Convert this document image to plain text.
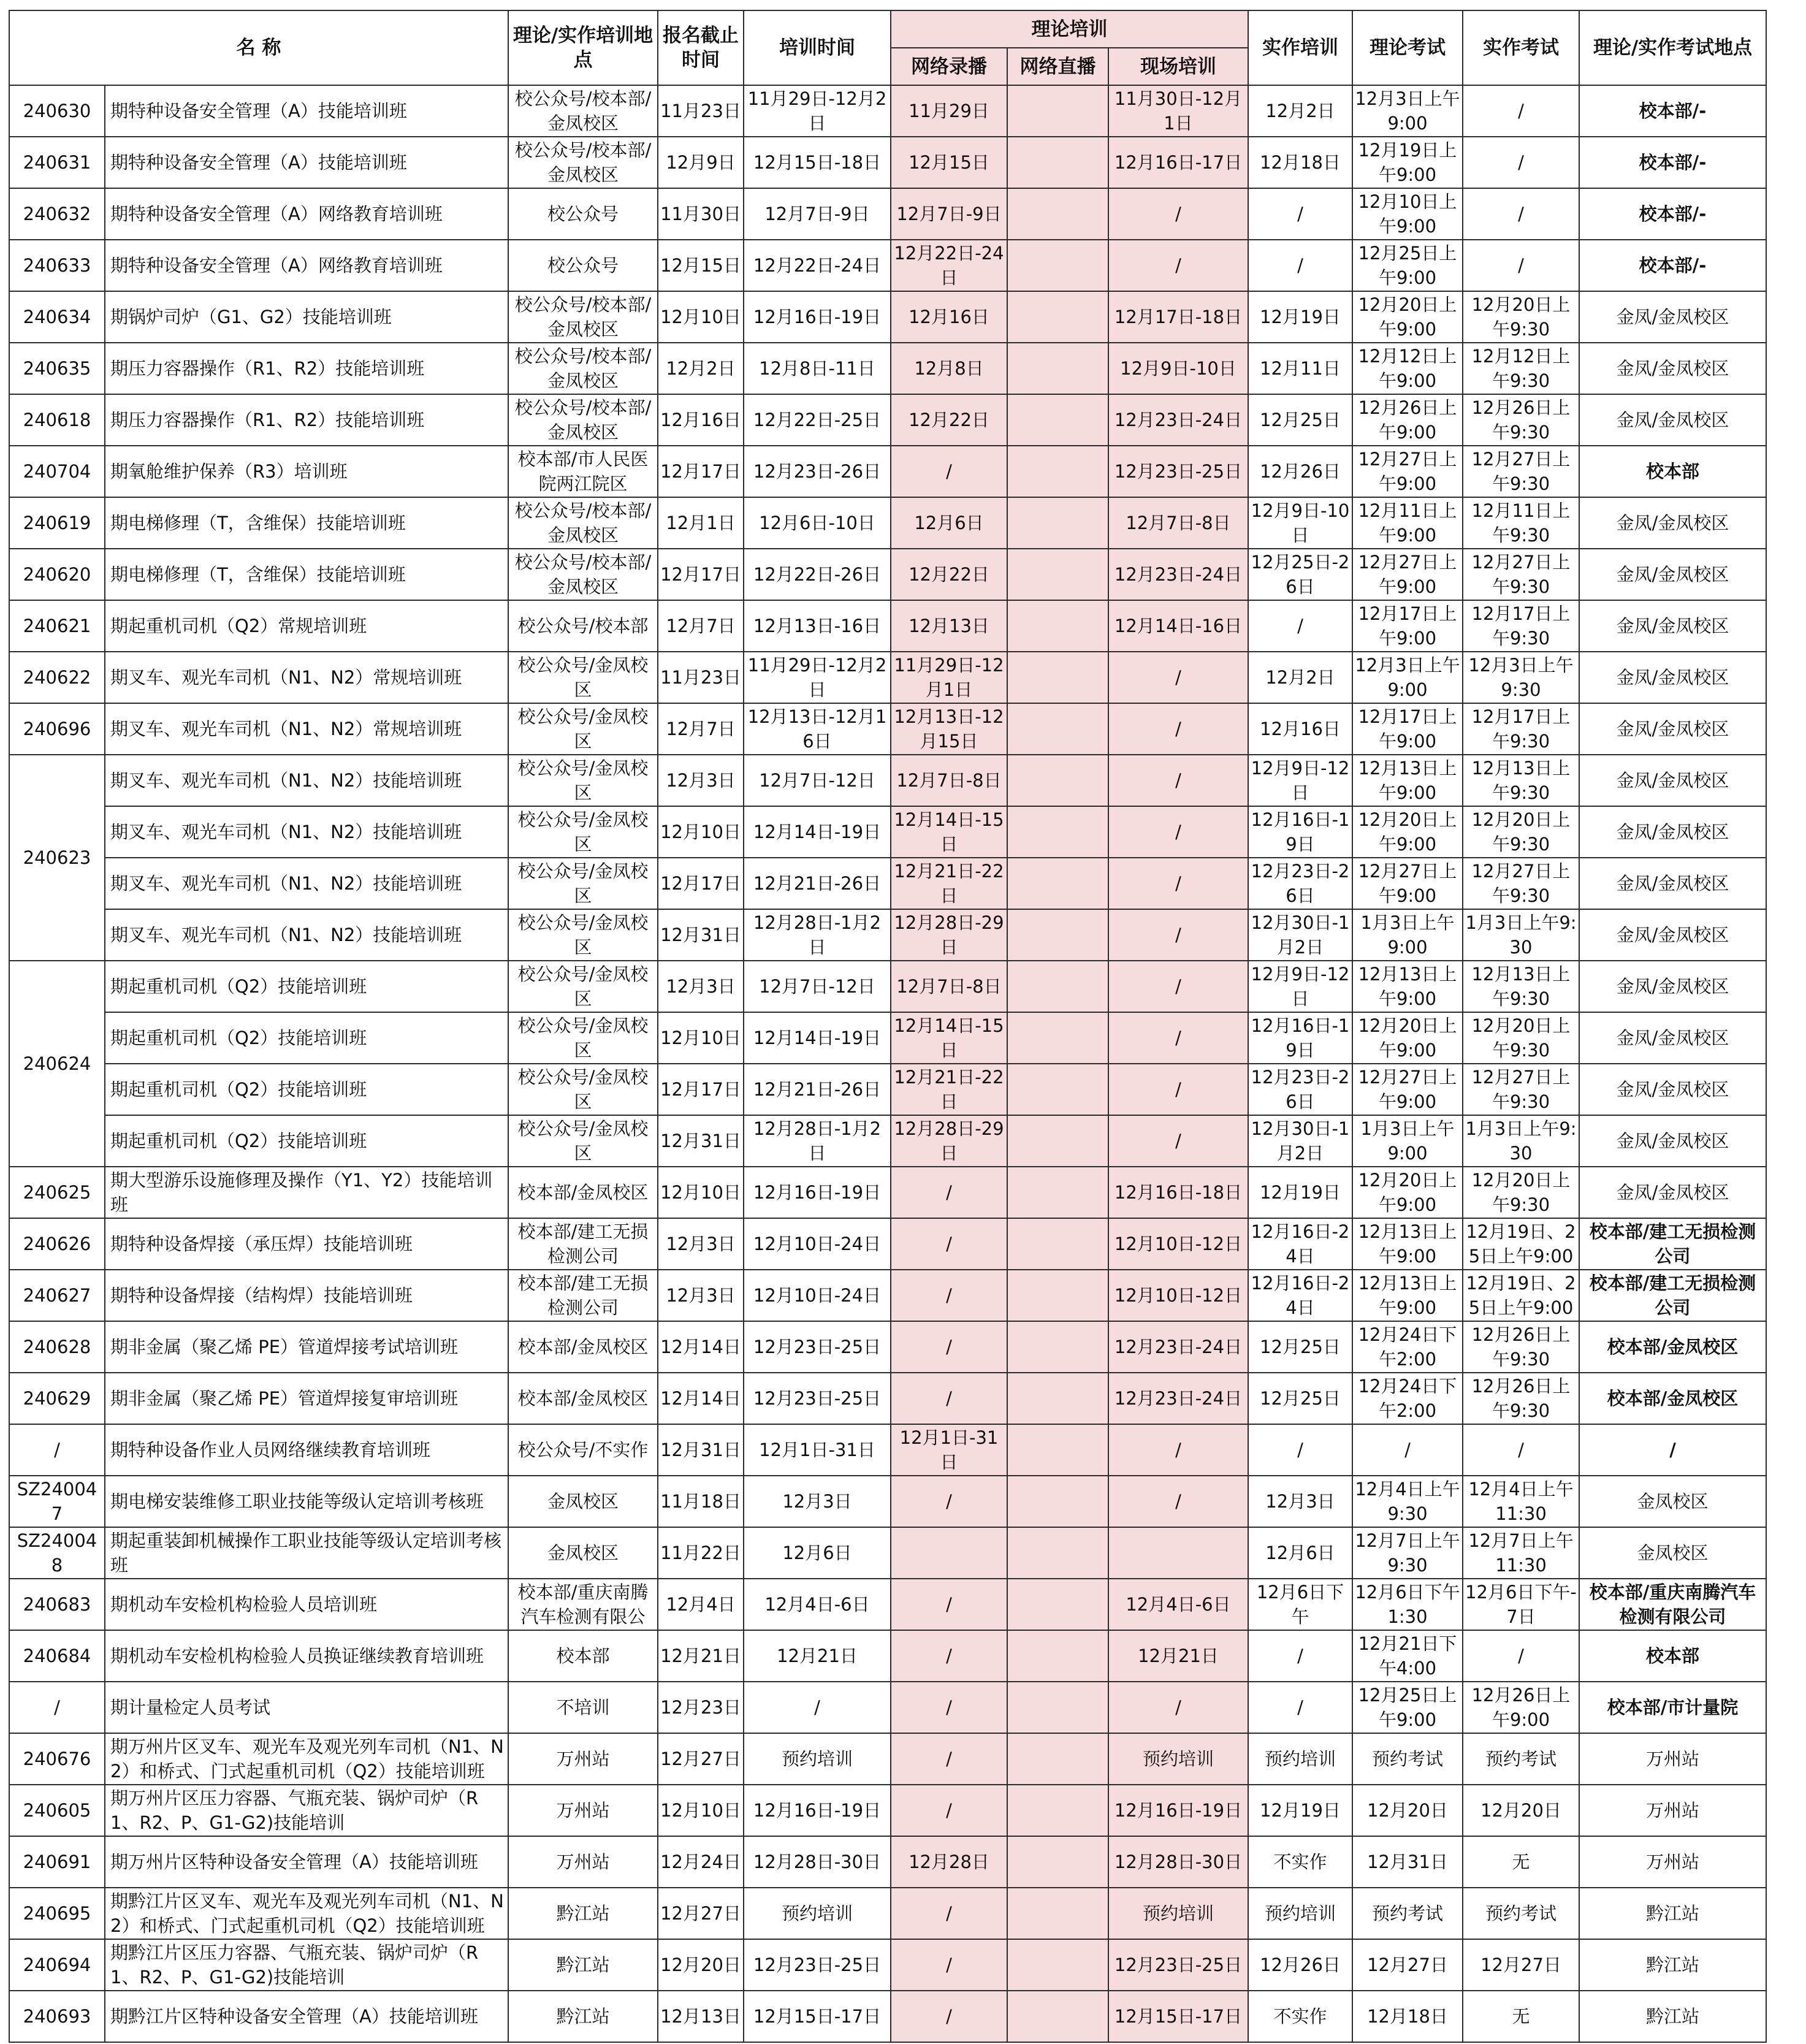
名 称		理论/实作培训地点	报名截止时间	培训时间	理论培训			实作培训	理论考试	实作考试	理论/实作考试地点
					网络录播	网络直播	现场培训				
240630	期特种设备安全管理（A）技能培训班	校公众号/校本部/金凤校区	11月23日	11月29日-12月2日	11月29日		11月30日-12月1日	12月2日	12月3日上午9:00	/	校本部/-
240631	期特种设备安全管理（A）技能培训班	校公众号/校本部/金凤校区	12月9日	12月15日-18日	12月15日		12月16日-17日	12月18日	12月19日上午9:00	/	校本部/-
240632	期特种设备安全管理（A）网络教育培训班	校公众号	11月30日	12月7日-9日	12月7日-9日		/	/	12月10日上午9:00	/	校本部/-
240633	期特种设备安全管理（A）网络教育培训班	校公众号	12月15日	12月22日-24日	12月22日-24日		/	/	12月25日上午9:00	/	校本部/-
240634	期锅炉司炉（G1、G2）技能培训班	校公众号/校本部/金凤校区	12月10日	12月16日-19日	12月16日		12月17日-18日	12月19日	12月20日上午9:00	12月20日上午9:30	金凤/金凤校区
240635	期压力容器操作（R1、R2）技能培训班	校公众号/校本部/金凤校区	12月2日	12月8日-11日	12月8日		12月9日-10日	12月11日	12月12日上午9:00	12月12日上午9:30	金凤/金凤校区
240618	期压力容器操作（R1、R2）技能培训班	校公众号/校本部/金凤校区	12月16日	12月22日-25日	12月22日		12月23日-24日	12月25日	12月26日上午9:00	12月26日上午9:30	金凤/金凤校区
240704	期氧舱维护保养（R3）培训班	校本部/市人民医院两江院区	12月17日	12月23日-26日	/		12月23日-25日	12月26日	12月27日上午9:00	12月27日上午9:30	校本部
240619	期电梯修理（T，含维保）技能培训班	校公众号/校本部/金凤校区	12月1日	12月6日-10日	12月6日		12月7日-8日	12月9日-10日	12月11日上午9:00	12月11日上午9:30	金凤/金凤校区
240620	期电梯修理（T，含维保）技能培训班	校公众号/校本部/金凤校区	12月17日	12月22日-26日	12月22日		12月23日-24日	12月25日-26日	12月27日上午9:00	12月27日上午9:30	金凤/金凤校区
240621	期起重机司机（Q2）常规培训班	校公众号/校本部	12月7日	12月13日-16日	12月13日		12月14日-16日	/	12月17日上午9:00	12月17日上午9:30	金凤/金凤校区
240622	期叉车、观光车司机（N1、N2）常规培训班	校公众号/金凤校区	11月23日	11月29日-12月2日	11月29日-12月1日		/	12月2日	12月3日上午9:00	12月3日上午9:30	金凤/金凤校区
240696	期叉车、观光车司机（N1、N2）常规培训班	校公众号/金凤校区	12月7日	12月13日-12月16日	12月13日-12月15日		/	12月16日	12月17日上午9:00	12月17日上午9:30	金凤/金凤校区
240623	期叉车、观光车司机（N1、N2）技能培训班	校公众号/金凤校区	12月3日	12月7日-12日	12月7日-8日		/	12月9日-12日	12月13日上午9:00	12月13日上午9:30	金凤/金凤校区
	期叉车、观光车司机（N1、N2）技能培训班	校公众号/金凤校区	12月10日	12月14日-19日	12月14日-15日		/	12月16日-19日	12月20日上午9:00	12月20日上午9:30	金凤/金凤校区
	期叉车、观光车司机（N1、N2）技能培训班	校公众号/金凤校区	12月17日	12月21日-26日	12月21日-22日		/	12月23日-26日	12月27日上午9:00	12月27日上午9:30	金凤/金凤校区
	期叉车、观光车司机（N1、N2）技能培训班	校公众号/金凤校区	12月31日	12月28日-1月2日	12月28日-29日		/	12月30日-1月2日	1月3日上午9:00	1月3日上午9:30	金凤/金凤校区
240624	期起重机司机（Q2）技能培训班	校公众号/金凤校区	12月3日	12月7日-12日	12月7日-8日		/	12月9日-12日	12月13日上午9:00	12月13日上午9:30	金凤/金凤校区
	期起重机司机（Q2）技能培训班	校公众号/金凤校区	12月10日	12月14日-19日	12月14日-15日		/	12月16日-19日	12月20日上午9:00	12月20日上午9:30	金凤/金凤校区
	期起重机司机（Q2）技能培训班	校公众号/金凤校区	12月17日	12月21日-26日	12月21日-22日		/	12月23日-26日	12月27日上午9:00	12月27日上午9:30	金凤/金凤校区
	期起重机司机（Q2）技能培训班	校公众号/金凤校区	12月31日	12月28日-1月2日	12月28日-29日		/	12月30日-1月2日	1月3日上午9:00	1月3日上午9:30	金凤/金凤校区
240625	期大型游乐设施修理及操作（Y1、Y2）技能培训班	校本部/金凤校区	12月10日	12月16日-19日	/		12月16日-18日	12月19日	12月20日上午9:00	12月20日上午9:30	金凤/金凤校区
240626	期特种设备焊接（承压焊）技能培训班	校本部/建工无损检测公司	12月3日	12月10日-24日	/		12月10日-12日	12月16日-24日	12月13日上午9:00	12月19日、25日上午9:00	校本部/建工无损检测公司
240627	期特种设备焊接（结构焊）技能培训班	校本部/建工无损检测公司	12月3日	12月10日-24日	/		12月10日-12日	12月16日-24日	12月13日上午9:00	12月19日、25日上午9:00	校本部/建工无损检测公司
240628	期非金属（聚乙烯 PE）管道焊接考试培训班	校本部/金凤校区	12月14日	12月23日-25日	/		12月23日-24日	12月25日	12月24日下午2:00	12月26日上午9:30	校本部/金凤校区
240629	期非金属（聚乙烯 PE）管道焊接复审培训班	校本部/金凤校区	12月14日	12月23日-25日	/		12月23日-24日	12月25日	12月24日下午2:00	12月26日上午9:30	校本部/金凤校区
/	期特种设备作业人员网络继续教育培训班	校公众号/不实作	12月31日	12月1日-31日	12月1日-31日		/	/	/	/	/
SZ240047	期电梯安装维修工职业技能等级认定培训考核班	金凤校区	11月18日	12月3日	/		/	12月3日	12月4日上午9:30	12月4日上午11:30	金凤校区
SZ240048	期起重装卸机械操作工职业技能等级认定培训考核班	金凤校区	11月22日	12月6日				12月6日	12月7日上午9:30	12月7日上午11:30	金凤校区
240683	期机动车安检机构检验人员培训班	校本部/重庆南腾汽车检测有限公	12月4日	12月4日-6日	/		12月4日-6日	12月6日下午	12月6日下午1:30	12月6日下午-7日	校本部/重庆南腾汽车检测有限公司
240684	期机动车安检机构检验人员换证继续教育培训班	校本部	12月21日	12月21日	/		12月21日	/	12月21日下午4:00	/	校本部
/	期计量检定人员考试	不培训	12月23日	/	/		/	/	12月25日上午9:00	12月26日上午9:00	校本部/市计量院
240676	期万州片区叉车、观光车及观光列车司机（N1、N2）和桥式、门式起重机司机（Q2）技能培训班	万州站	12月27日	预约培训	/		预约培训	预约培训	预约考试	预约考试	万州站
240605	期万州片区压力容器、气瓶充装、锅炉司炉（R1、R2、P、G1-G2)技能培训	万州站	12月10日	12月16日-19日	/		12月16日-19日	12月19日	12月20日	12月20日	万州站
240691	期万州片区特种设备安全管理（A）技能培训班	万州站	12月24日	12月28日-30日	12月28日		12月28日-30日	不实作	12月31日	无	万州站
240695	期黔江片区叉车、观光车及观光列车司机（N1、N2）和桥式、门式起重机司机（Q2）技能培训班	黔江站	12月27日	预约培训	/		预约培训	预约培训	预约考试	预约考试	黔江站
240694	期黔江片区压力容器、气瓶充装、锅炉司炉（R1、R2、P、G1-G2)技能培训	黔江站	12月20日	12月23日-25日	/		12月23日-25日	12月26日	12月27日	12月27日	黔江站
240693	期黔江片区特种设备安全管理（A）技能培训班	黔江站	12月13日	12月15日-17日	/		12月15日-17日	不实作	12月18日	无	黔江站
